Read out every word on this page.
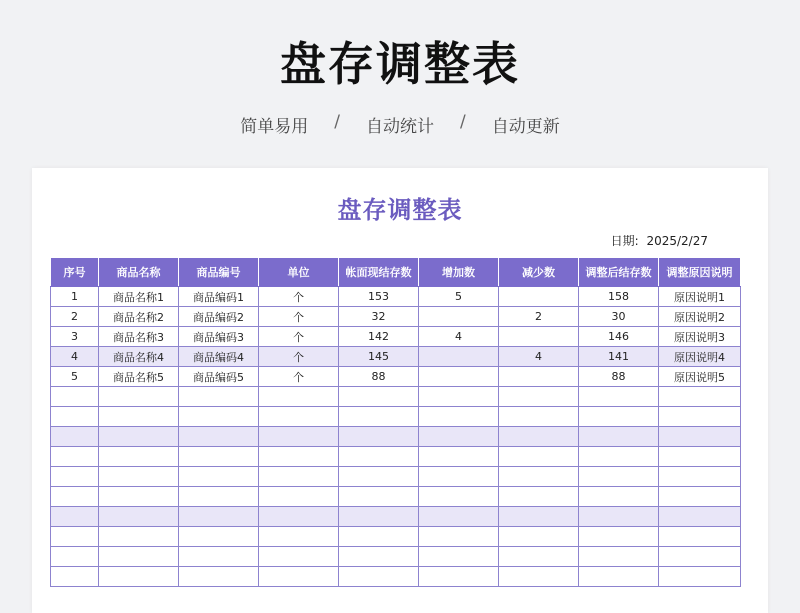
盘存调整表
简单易用 / 自动统计 / 自动更新
盘存调整表
日期: 2025/2/27
序号	商品名称	商品编号	单位	帐面现结存数	增加数	减少数	调整后结存数	调整原因说明
1	商品名称1	商品编码1	个	153	5		158	原因说明1
2	商品名称2	商品编码2	个	32		2	30	原因说明2
3	商品名称3	商品编码3	个	142	4		146	原因说明3
4	商品名称4	商品编码4	个	145		4	141	原因说明4
5	商品名称5	商品编码5	个	88			88	原因说明5
